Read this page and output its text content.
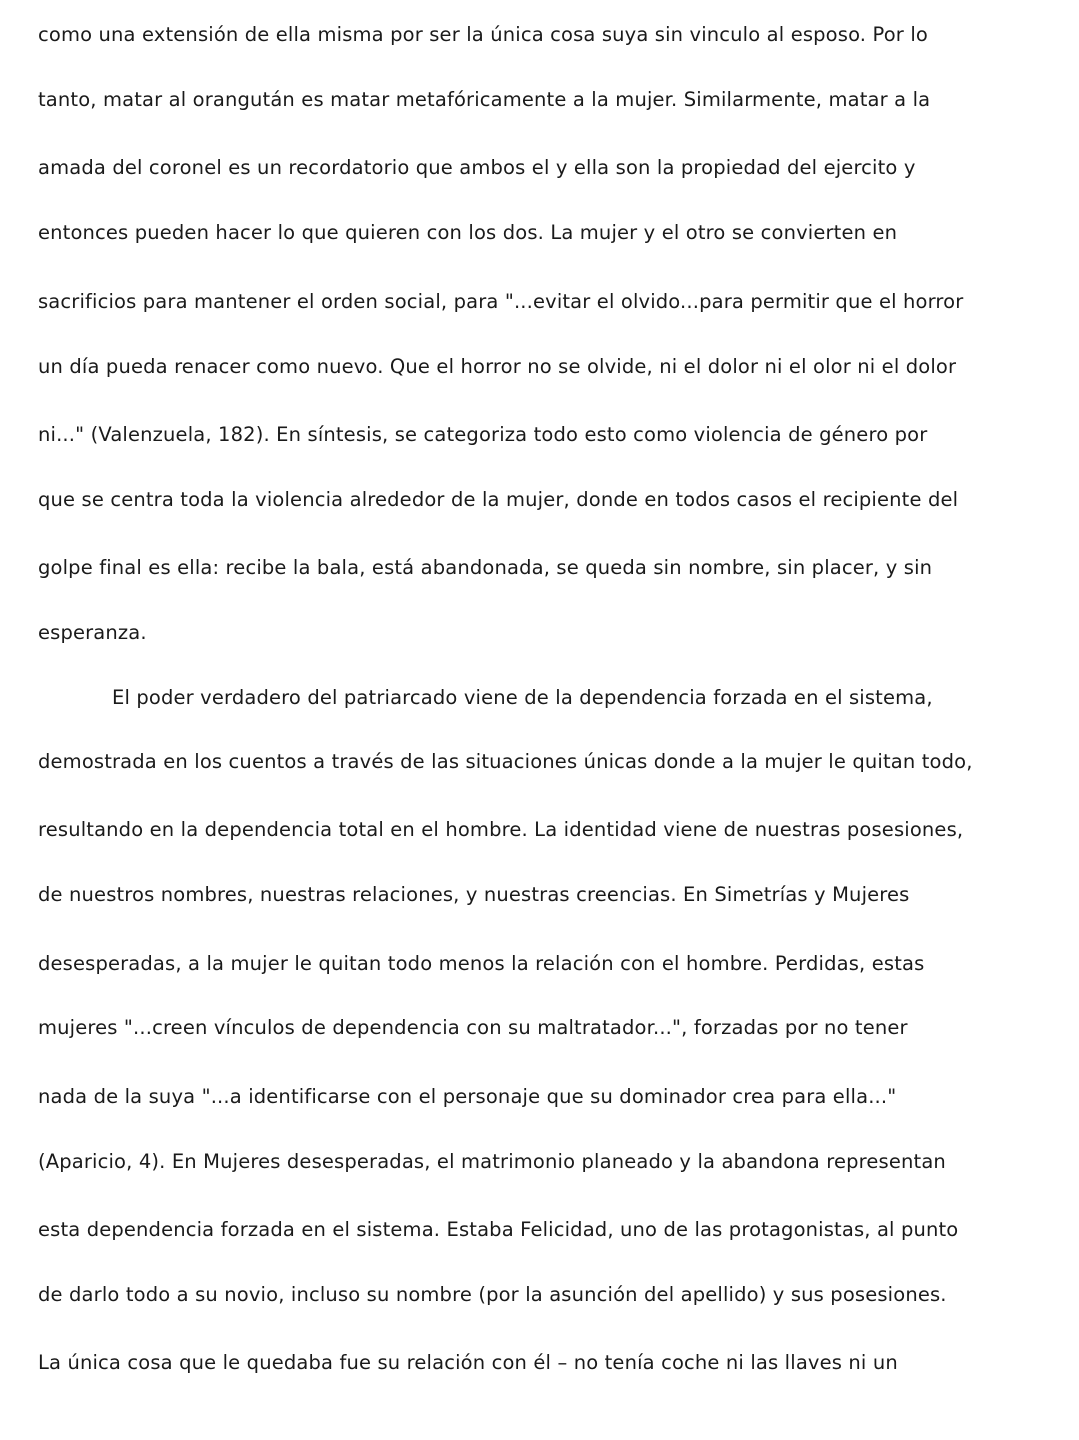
como una extensión de ella misma por ser la única cosa suya sin vinculo al esposo. Por lo
tanto, matar al orangután es matar metafóricamente a la mujer. Similarmente, matar a la
amada del coronel es un recordatorio que ambos el y ella son la propiedad del ejercito y
entonces pueden hacer lo que quieren con los dos. La mujer y el otro se convierten en
sacrificios para mantener el orden social, para "...evitar el olvido...para permitir que el horror
un día pueda renacer como nuevo. Que el horror no se olvide, ni el dolor ni el olor ni el dolor
ni..." (Valenzuela, 182). En síntesis, se categoriza todo esto como violencia de género por
que se centra toda la violencia alrededor de la mujer, donde en todos casos el recipiente del
golpe final es ella: recibe la bala, está abandonada, se queda sin nombre, sin placer, y sin
esperanza.
El poder verdadero del patriarcado viene de la dependencia forzada en el sistema,
demostrada en los cuentos a través de las situaciones únicas donde a la mujer le quitan todo,
resultando en la dependencia total en el hombre. La identidad viene de nuestras posesiones,
de nuestros nombres, nuestras relaciones, y nuestras creencias. En Simetrías y Mujeres
desesperadas, a la mujer le quitan todo menos la relación con el hombre. Perdidas, estas
mujeres "...creen vínculos de dependencia con su maltratador...", forzadas por no tener
nada de la suya "...a identificarse con el personaje que su dominador crea para ella..."
(Aparicio, 4). En Mujeres desesperadas, el matrimonio planeado y la abandona representan
esta dependencia forzada en el sistema. Estaba Felicidad, uno de las protagonistas, al punto
de darlo todo a su novio, incluso su nombre (por la asunción del apellido) y sus posesiones.
La única cosa que le quedaba fue su relación con él – no tenía coche ni las llaves ni un
